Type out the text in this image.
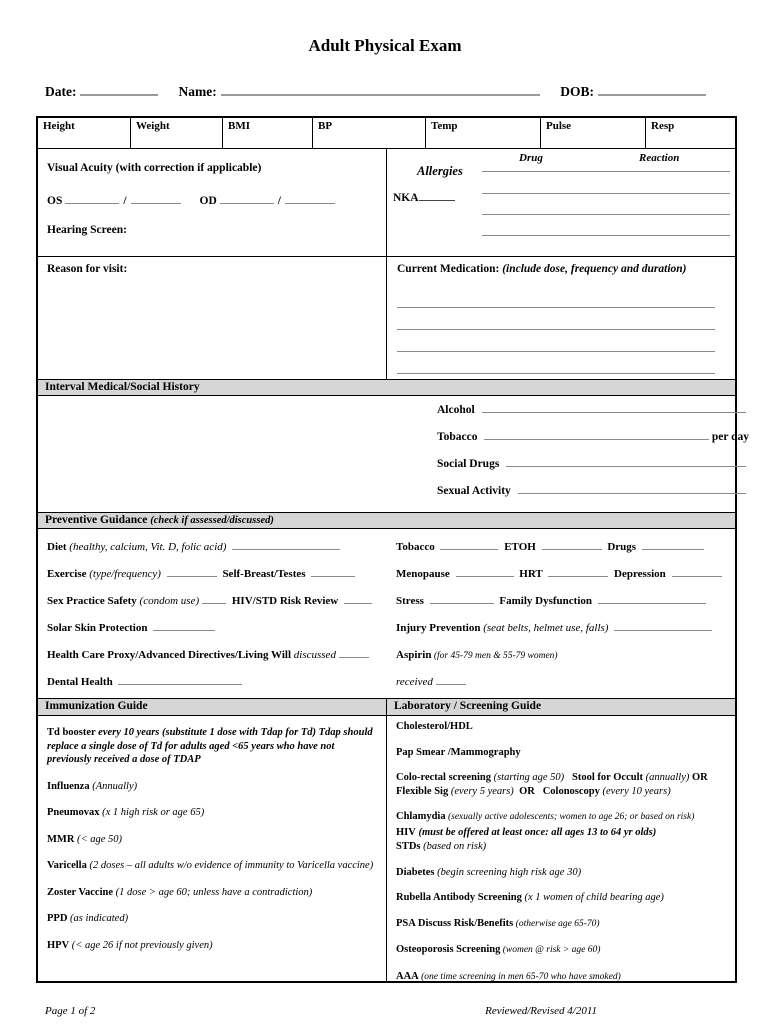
Adult Physical Exam
Date:	Name:	DOB:
Height	Weight	BMI	BP	Temp	Pulse	Resp
Visual Acuity (with correction if applicable)
OS	/	OD	/
Hearing Screen:
Drug	Reaction
Allergies
NKA
Reason for visit:	Current Medication: (include dose, frequency and duration)
Interval Medical/Social History
Alcohol
Tobacco	per day
Social Drugs
Sexual Activity
Preventive Guidance (check if assessed/discussed)
Diet (healthy, calcium, Vit. D, folic acid)
Exercise (type/frequency)	Self-Breast/Testes
Sex Practice Safety (condom use)	HIV/STD Risk Review
Solar Skin Protection
Health Care Proxy/Advanced Directives/Living Will discussed
Dental Health
Tobacco	ETOH	Drugs
Menopause	HRT	Depression
Stress	Family Dysfunction
Injury Prevention (seat belts, helmet use, falls)
Aspirin (for 45-79 men & 55-79 women)
received
Immunization Guide	Laboratory / Screening Guide
Td booster every 10 years (substitute 1 dose with Tdap for Td) Tdap should replace a single dose of Td for adults aged <65 years who have not previously received a dose of TDAP
Influenza (Annually)
Pneumovax (x 1 high risk or age 65)
MMR (< age 50)
Varicella (2 doses – all adults w/o evidence of immunity to Varicella vaccine)
Zoster Vaccine (1 dose > age 60; unless have a contradiction)
PPD (as indicated)
HPV (< age 26 if not previously given)
Cholesterol/HDL
Pap Smear /Mammography
Colo-rectal screening (starting age 50)   Stool for Occult (annually) OR Flexible Sig (every 5 years)  OR   Colonoscopy (every 10 years)
Chlamydia (sexually active adolescents; women to age 26; or based on risk)
HIV (must be offered at least once: all ages 13 to 64 yr olds)
STDs (based on risk)
Diabetes (begin screening high risk age 30)
Rubella Antibody Screening (x 1 women of child bearing age)
PSA Discuss Risk/Benefits (otherwise age 65-70)
Osteoporosis Screening (women @ risk > age 60)
AAA (one time screening in men 65-70 who have smoked)
Page 1 of 2	Reviewed/Revised 4/2011
